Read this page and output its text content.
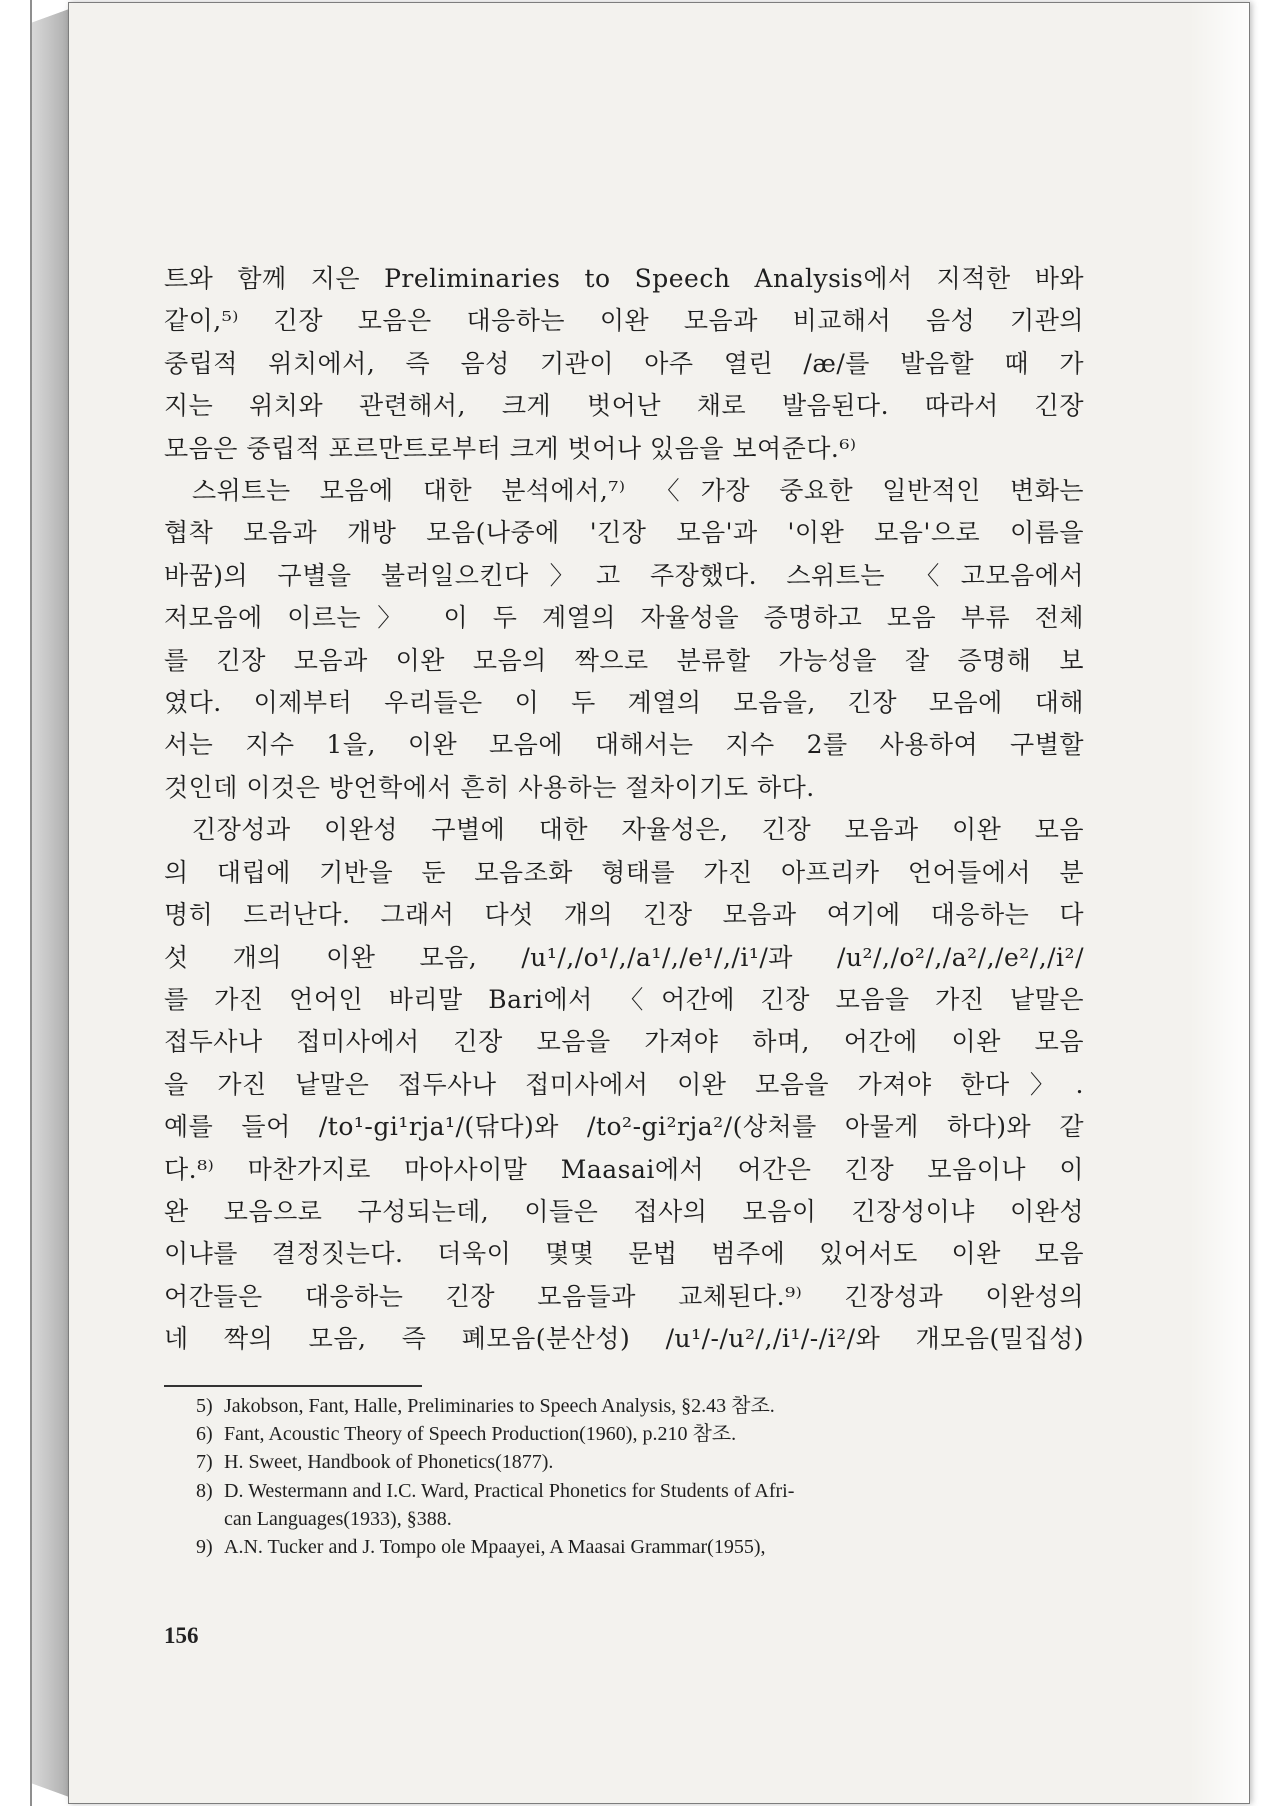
트와 함께 지은 Preliminaries to Speech Analysis에서 지적한 바와
같이,⁵⁾ 긴장 모음은 대응하는 이완 모음과 비교해서 음성 기관의
중립적 위치에서, 즉 음성 기관이 아주 열린 /æ/를 발음할 때 가
지는 위치와 관련해서, 크게 벗어난 채로 발음된다. 따라서 긴장
모음은 중립적 포르만트로부터 크게 벗어나 있음을 보여준다.⁶⁾
스위트는 모음에 대한 분석에서,⁷⁾ 〈가장 중요한 일반적인 변화는
협착 모음과 개방 모음(나중에 '긴장 모음'과 '이완 모음'으로 이름을
바꿈)의 구별을 불러일으킨다〉고 주장했다. 스위트는 〈고모음에서
저모음에 이르는〉 이 두 계열의 자율성을 증명하고 모음 부류 전체
를 긴장 모음과 이완 모음의 짝으로 분류할 가능성을 잘 증명해 보
였다. 이제부터 우리들은 이 두 계열의 모음을, 긴장 모음에 대해
서는 지수 1을, 이완 모음에 대해서는 지수 2를 사용하여 구별할
것인데 이것은 방언학에서 흔히 사용하는 절차이기도 하다.
긴장성과 이완성 구별에 대한 자율성은, 긴장 모음과 이완 모음
의 대립에 기반을 둔 모음조화 형태를 가진 아프리카 언어들에서 분
명히 드러난다. 그래서 다섯 개의 긴장 모음과 여기에 대응하는 다
섯 개의 이완 모음, /u¹/,/o¹/,/a¹/,/e¹/,/i¹/과 /u²/,/o²/,/a²/,/e²/,/i²/
를 가진 언어인 바리말 Bari에서 〈어간에 긴장 모음을 가진 낱말은
접두사나 접미사에서 긴장 모음을 가져야 하며, 어간에 이완 모음
을 가진 낱말은 접두사나 접미사에서 이완 모음을 가져야 한다〉.
예를 들어 /to¹-gi¹rja¹/(닦다)와 /to²-gi²rja²/(상처를 아물게 하다)와 같
다.⁸⁾ 마찬가지로 마아사이말 Maasai에서 어간은 긴장 모음이나 이
완 모음으로 구성되는데, 이들은 접사의 모음이 긴장성이냐 이완성
이냐를 결정짓는다. 더욱이 몇몇 문법 범주에 있어서도 이완 모음
어간들은 대응하는 긴장 모음들과 교체된다.⁹⁾ 긴장성과 이완성의
네 짝의 모음, 즉 폐모음(분산성) /u¹/-/u²/,/i¹/-/i²/와 개모음(밀집성)
5) Jakobson, Fant, Halle, Preliminaries to Speech Analysis, §2.43 참조.
6) Fant, Acoustic Theory of Speech Production(1960), p.210 참조.
7) H. Sweet, Handbook of Phonetics(1877).
8) D. Westermann and I.C. Ward, Practical Phonetics for Students of Afri-
can Languages(1933), §388.
9) A.N. Tucker and J. Tompo ole Mpaayei, A Maasai Grammar(1955),
156
